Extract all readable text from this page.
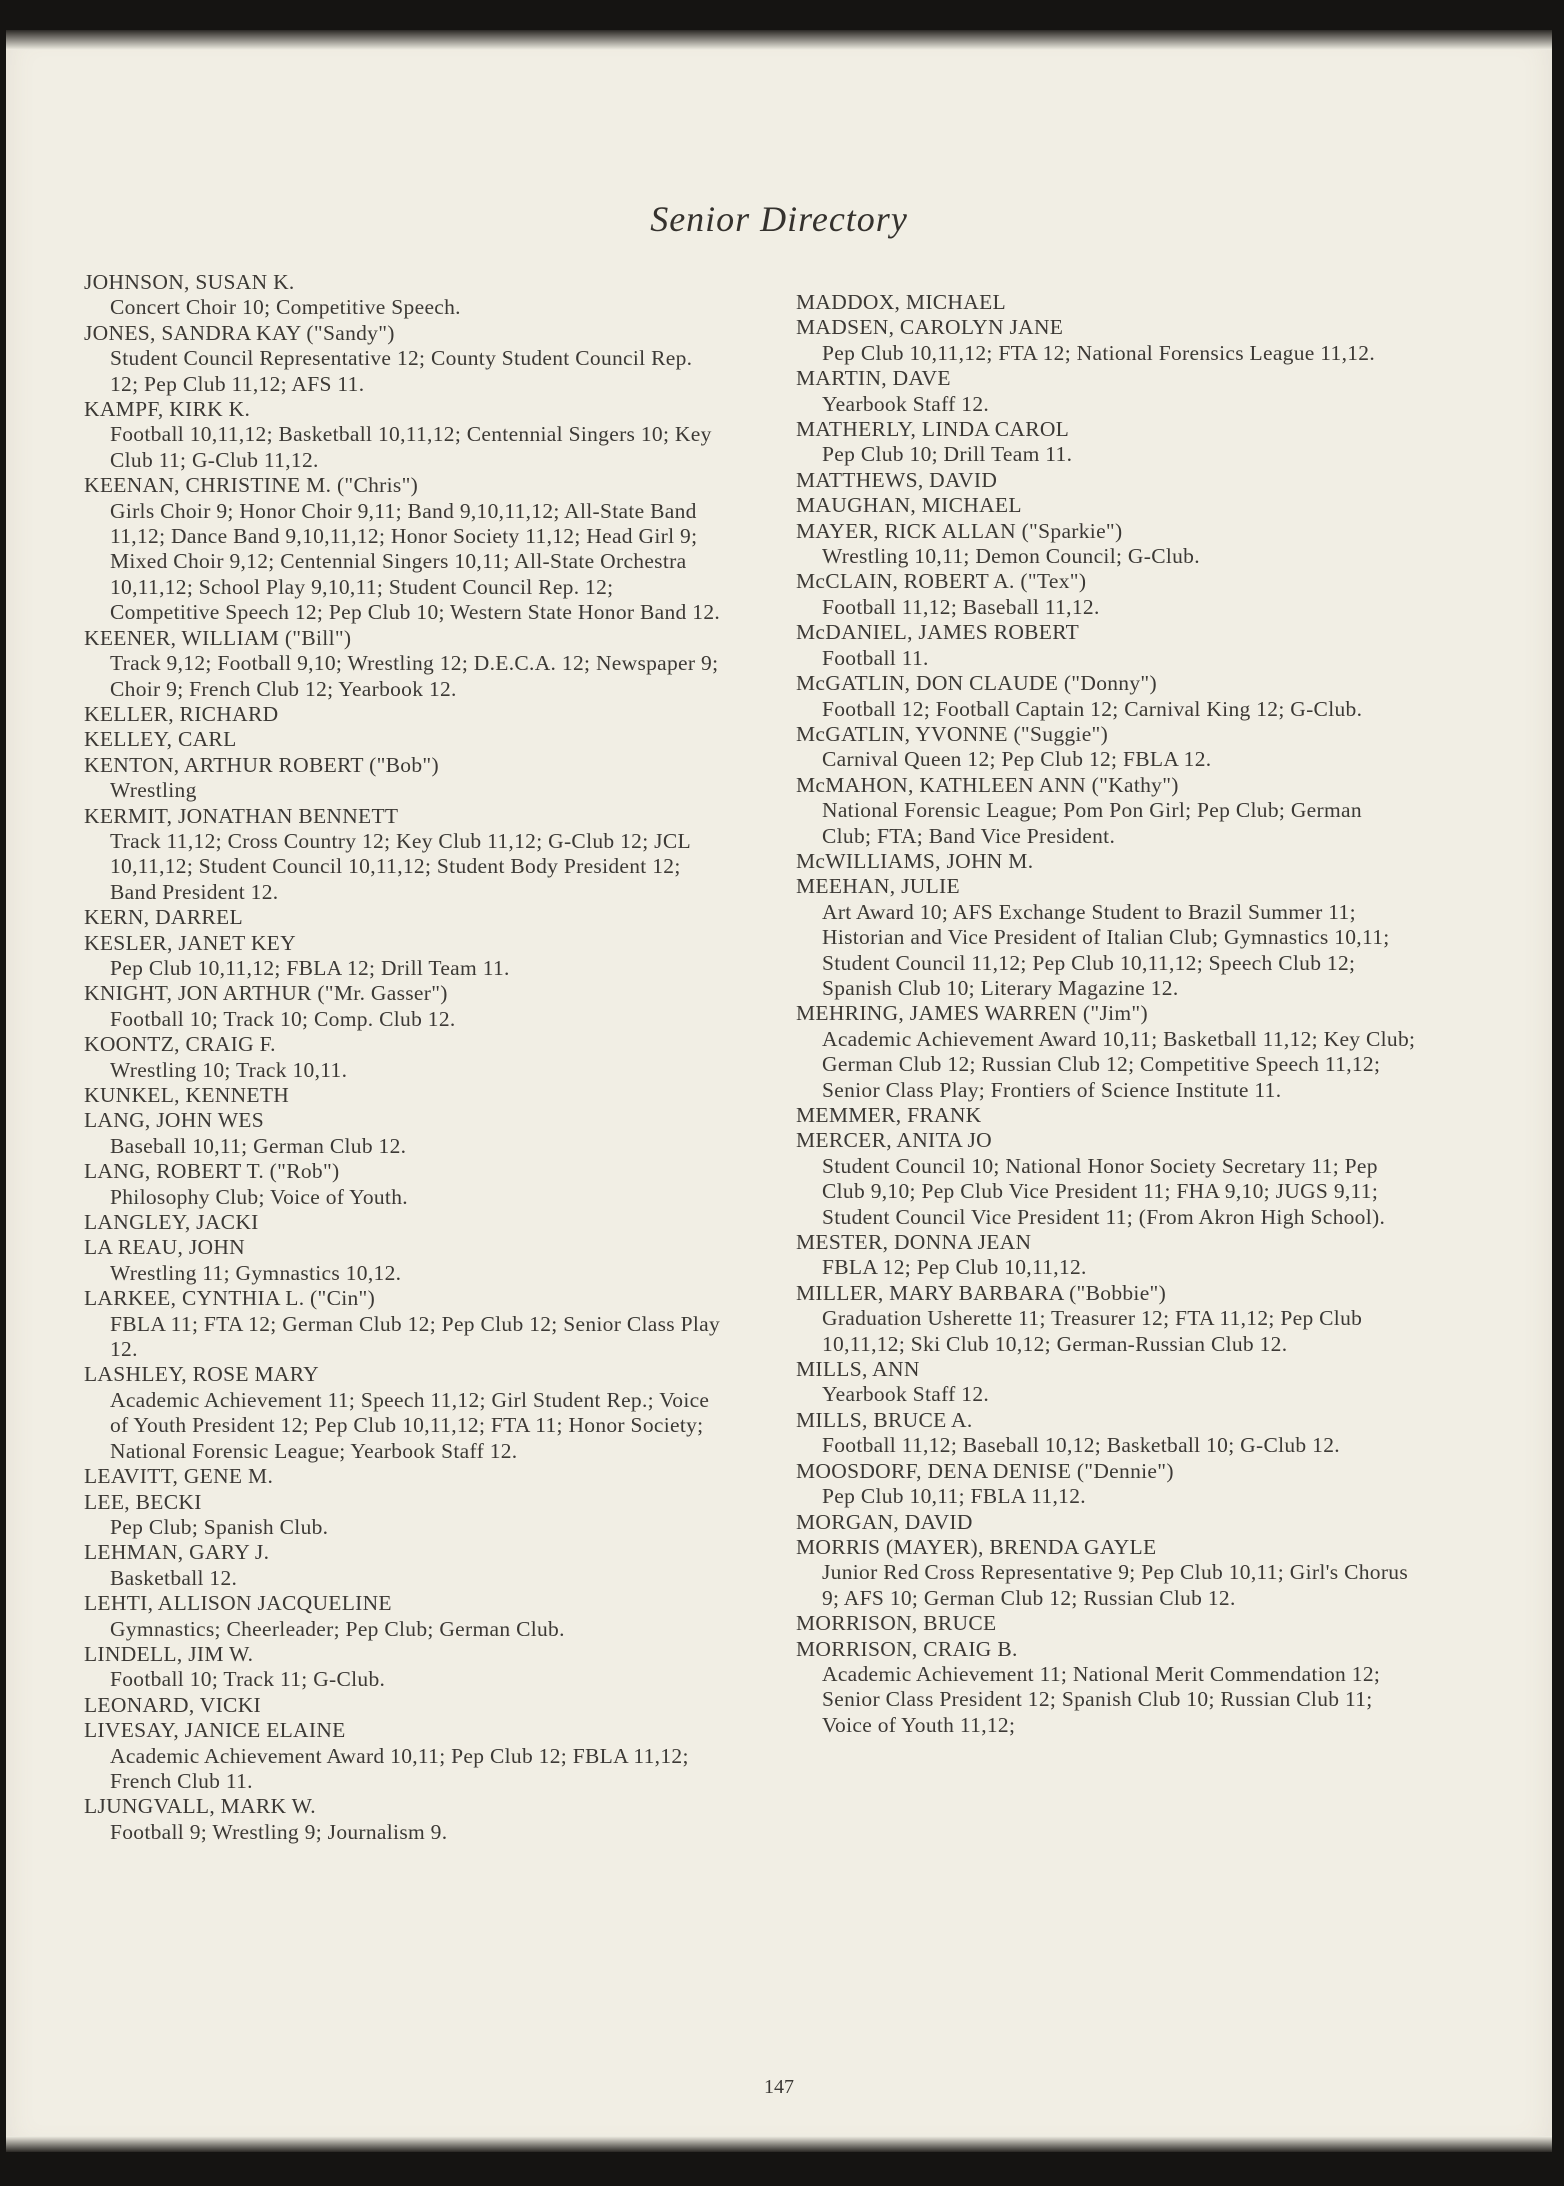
Senior Directory
JOHNSON, SUSAN K.
Concert Choir 10; Competitive Speech.
JONES, SANDRA KAY ("Sandy")
Student Council Representative 12; County Student Council Rep. 12; Pep Club 11,12; AFS 11.
KAMPF, KIRK K.
Football 10,11,12; Basketball 10,11,12; Centennial Singers 10; Key Club 11; G-Club 11,12.
KEENAN, CHRISTINE M. ("Chris")
Girls Choir 9; Honor Choir 9,11; Band 9,10,11,12; All-State Band 11,12; Dance Band 9,10,11,12; Honor Society 11,12; Head Girl 9; Mixed Choir 9,12; Centennial Singers 10,11; All-State Orchestra 10,11,12; School Play 9,10,11; Student Council Rep. 12; Competitive Speech 12; Pep Club 10; Western State Honor Band 12.
KEENER, WILLIAM ("Bill")
Track 9,12; Football 9,10; Wrestling 12; D.E.C.A. 12; Newspaper 9; Choir 9; French Club 12; Yearbook 12.
KELLER, RICHARD
KELLEY, CARL
KENTON, ARTHUR ROBERT ("Bob")
Wrestling
KERMIT, JONATHAN BENNETT
Track 11,12; Cross Country 12; Key Club 11,12; G-Club 12; JCL 10,11,12; Student Council 10,11,12; Student Body President 12; Band President 12.
KERN, DARREL
KESLER, JANET KEY
Pep Club 10,11,12; FBLA 12; Drill Team 11.
KNIGHT, JON ARTHUR ("Mr. Gasser")
Football 10; Track 10; Comp. Club 12.
KOONTZ, CRAIG F.
Wrestling 10; Track 10,11.
KUNKEL, KENNETH
LANG, JOHN WES
Baseball 10,11; German Club 12.
LANG, ROBERT T. ("Rob")
Philosophy Club; Voice of Youth.
LANGLEY, JACKI
LA REAU, JOHN
Wrestling 11; Gymnastics 10,12.
LARKEE, CYNTHIA L. ("Cin")
FBLA 11; FTA 12; German Club 12; Pep Club 12; Senior Class Play 12.
LASHLEY, ROSE MARY
Academic Achievement 11; Speech 11,12; Girl Student Rep.; Voice of Youth President 12; Pep Club 10,11,12; FTA 11; Honor Society; National Forensic League; Yearbook Staff 12.
LEAVITT, GENE M.
LEE, BECKI
Pep Club; Spanish Club.
LEHMAN, GARY J.
Basketball 12.
LEHTI, ALLISON JACQUELINE
Gymnastics; Cheerleader; Pep Club; German Club.
LINDELL, JIM W.
Football 10; Track 11; G-Club.
LEONARD, VICKI
LIVESAY, JANICE ELAINE
Academic Achievement Award 10,11; Pep Club 12; FBLA 11,12; French Club 11.
LJUNGVALL, MARK W.
Football 9; Wrestling 9; Journalism 9.
MADDOX, MICHAEL
MADSEN, CAROLYN JANE
Pep Club 10,11,12; FTA 12; National Forensics League 11,12.
MARTIN, DAVE
Yearbook Staff 12.
MATHERLY, LINDA CAROL
Pep Club 10; Drill Team 11.
MATTHEWS, DAVID
MAUGHAN, MICHAEL
MAYER, RICK ALLAN ("Sparkie")
Wrestling 10,11; Demon Council; G-Club.
McCLAIN, ROBERT A. ("Tex")
Football 11,12; Baseball 11,12.
McDANIEL, JAMES ROBERT
Football 11.
McGATLIN, DON CLAUDE ("Donny")
Football 12; Football Captain 12; Carnival King 12; G-Club.
McGATLIN, YVONNE ("Suggie")
Carnival Queen 12; Pep Club 12; FBLA 12.
McMAHON, KATHLEEN ANN ("Kathy")
National Forensic League; Pom Pon Girl; Pep Club; German Club; FTA; Band Vice President.
McWILLIAMS, JOHN M.
MEEHAN, JULIE
Art Award 10; AFS Exchange Student to Brazil Summer 11; Historian and Vice President of Italian Club; Gymnastics 10,11; Student Council 11,12; Pep Club 10,11,12; Speech Club 12; Spanish Club 10; Literary Magazine 12.
MEHRING, JAMES WARREN ("Jim")
Academic Achievement Award 10,11; Basketball 11,12; Key Club; German Club 12; Russian Club 12; Competitive Speech 11,12; Senior Class Play; Frontiers of Science Institute 11.
MEMMER, FRANK
MERCER, ANITA JO
Student Council 10; National Honor Society Secretary 11; Pep Club 9,10; Pep Club Vice President 11; FHA 9,10; JUGS 9,11; Student Council Vice President 11; (From Akron High School).
MESTER, DONNA JEAN
FBLA 12; Pep Club 10,11,12.
MILLER, MARY BARBARA ("Bobbie")
Graduation Usherette 11; Treasurer 12; FTA 11,12; Pep Club 10,11,12; Ski Club 10,12; German-Russian Club 12.
MILLS, ANN
Yearbook Staff 12.
MILLS, BRUCE A.
Football 11,12; Baseball 10,12; Basketball 10; G-Club 12.
MOOSDORF, DENA DENISE ("Dennie")
Pep Club 10,11; FBLA 11,12.
MORGAN, DAVID
MORRIS (MAYER), BRENDA GAYLE
Junior Red Cross Representative 9; Pep Club 10,11; Girl's Chorus 9; AFS 10; German Club 12; Russian Club 12.
MORRISON, BRUCE
MORRISON, CRAIG B.
Academic Achievement 11; National Merit Commendation 12; Senior Class President 12; Spanish Club 10; Russian Club 11; Voice of Youth 11,12;
147
